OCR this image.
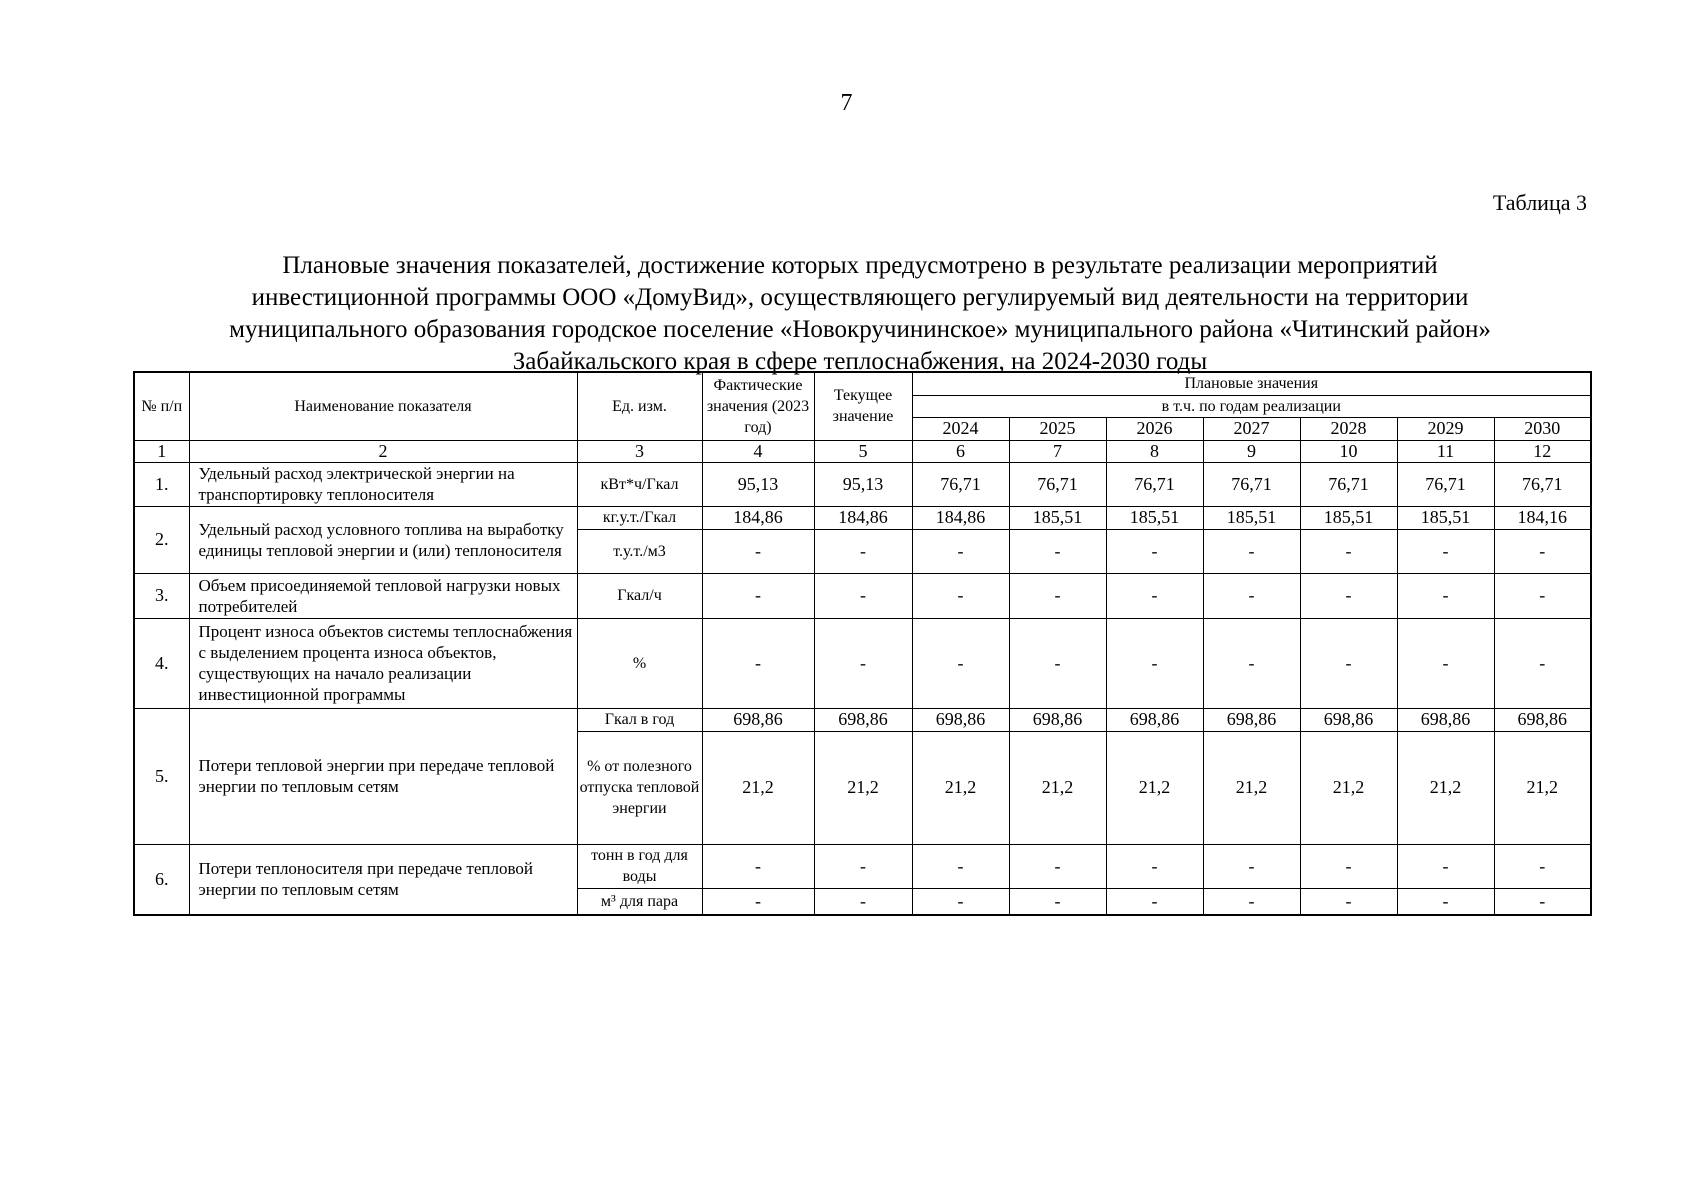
7
Таблица 3
Плановые значения показателей, достижение которых предусмотрено в результате реализации мероприятий
инвестиционной программы ООО «ДомуВид», осуществляющего регулируемый вид деятельности на территории
муниципального образования городское поселение «Новокручининское» муниципального района «Читинский район»
Забайкальского края в сфере теплоснабжения, на 2024-2030 годы
№ п/п	Наименование показателя	Ед. изм.	Фактические значения (2023 год)	Текущее значение	Плановые значения						
					в т.ч. по годам реализации						
					2024	2025	2026	2027	2028	2029	2030
1	2	3	4	5	6	7	8	9	10	11	12
1.	Удельный расход электрической энергии на транспортировку теплоносителя	кВт*ч/Гкал	95,13	95,13	76,71	76,71	76,71	76,71	76,71	76,71	76,71
2.	Удельный расход условного топлива на выработку единицы тепловой энергии и (или) теплоносителя	кг.у.т./Гкал	184,86	184,86	184,86	185,51	185,51	185,51	185,51	185,51	184,16
		т.у.т./м3	-	-	-	-	-	-	-	-	-
3.	Объем присоединяемой тепловой нагрузки новых потребителей	Гкал/ч	-	-	-	-	-	-	-	-	-
4.	Процент износа объектов системы теплоснабжения с выделением процента износа объектов, существующих на начало реализации инвестиционной программы	%	-	-	-	-	-	-	-	-	-
5.	Потери тепловой энергии при передаче тепловой энергии по тепловым сетям	Гкал в год	698,86	698,86	698,86	698,86	698,86	698,86	698,86	698,86	698,86
		% от полезного отпуска тепловой энергии	21,2	21,2	21,2	21,2	21,2	21,2	21,2	21,2	21,2
6.	Потери теплоносителя при передаче тепловой энергии по тепловым сетям	тонн в год для воды	-	-	-	-	-	-	-	-	-
		м³ для пара	-	-	-	-	-	-	-	-	-
